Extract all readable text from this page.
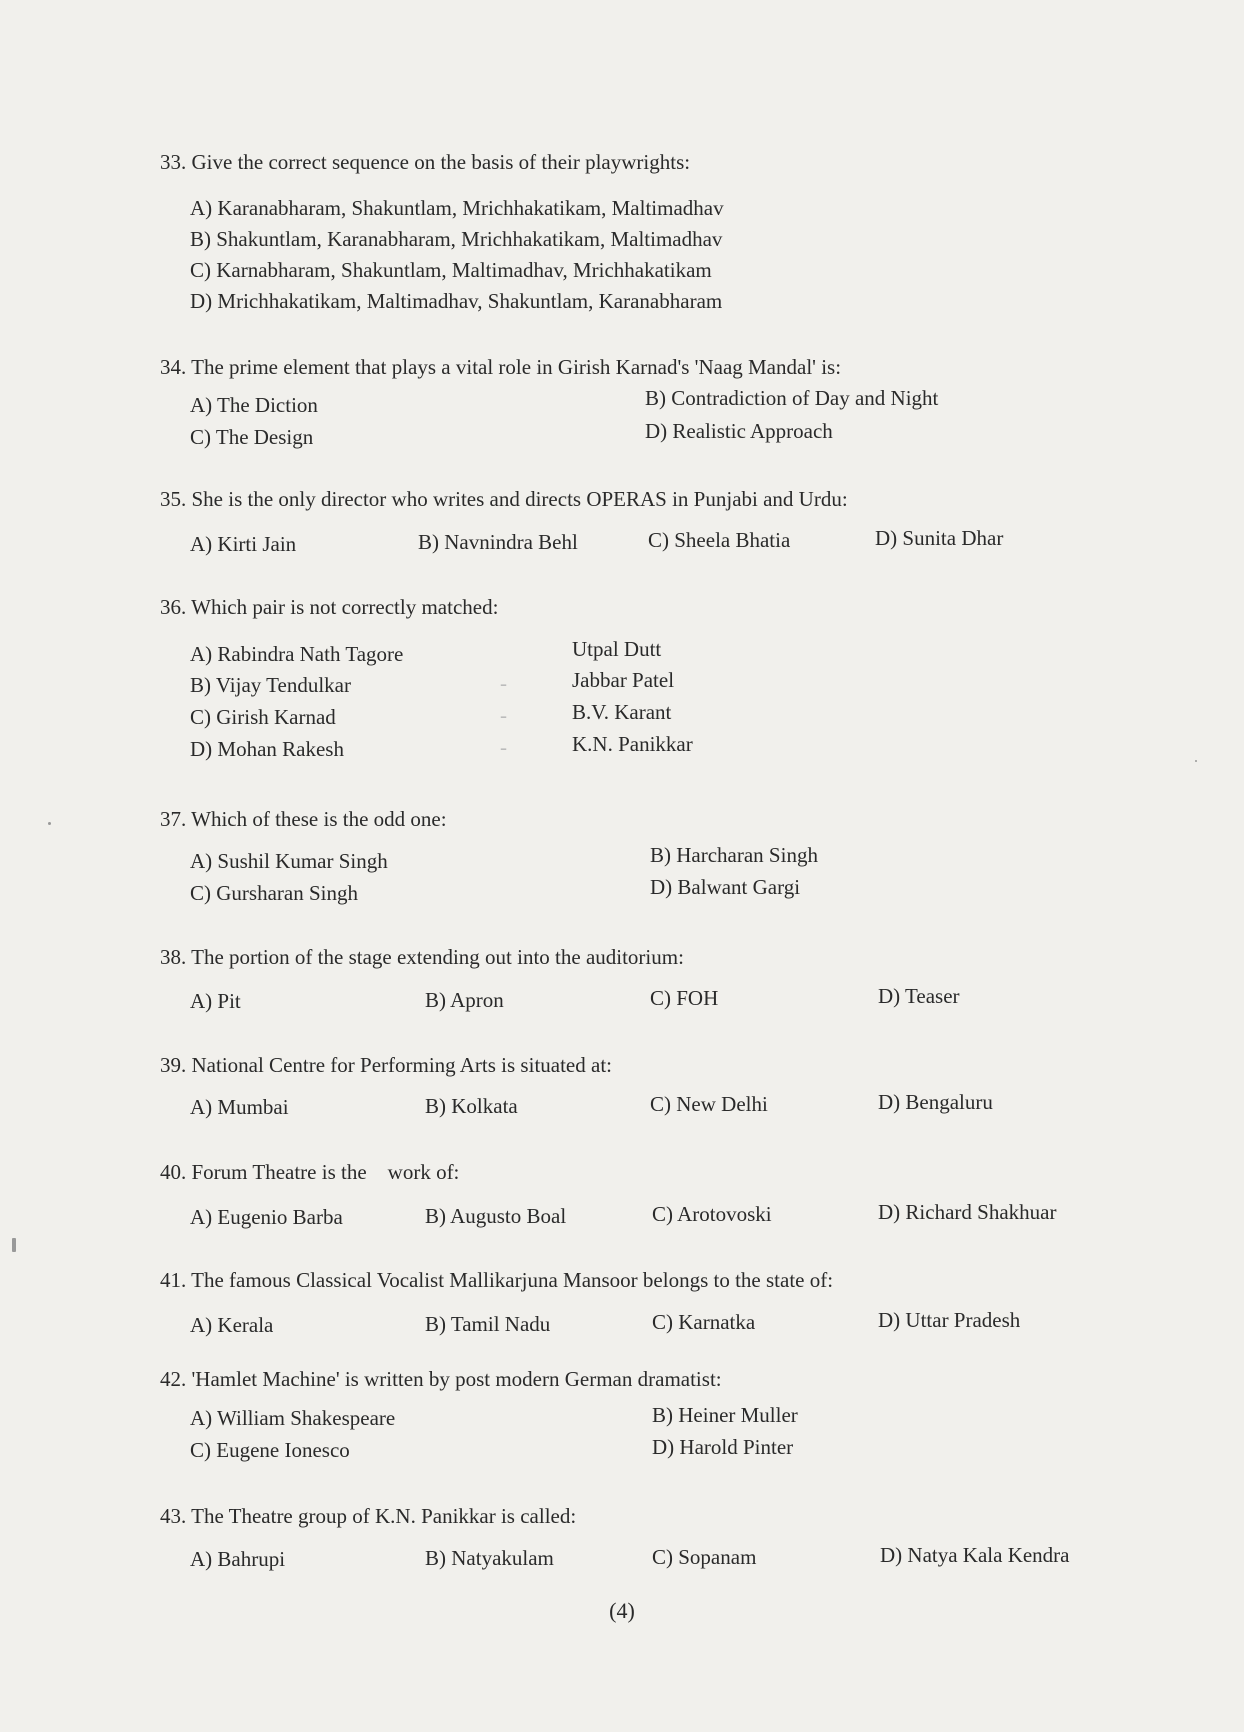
33. Give the correct sequence on the basis of their playwrights:
A) Karanabharam, Shakuntlam, Mrichhakatikam, Maltimadhav
B) Shakuntlam, Karanabharam, Mrichhakatikam, Maltimadhav
C) Karnabharam, Shakuntlam, Maltimadhav, Mrichhakatikam
D) Mrichhakatikam, Maltimadhav, Shakuntlam, Karanabharam
34. The prime element that plays a vital role in Girish Karnad's 'Naag Mandal' is:
A) The Diction	B) Contradiction of Day and Night
C) The Design	D) Realistic Approach
35. She is the only director who writes and directs OPERAS in Punjabi and Urdu:
A) Kirti Jain	B) Navnindra Behl	C) Sheela Bhatia	D) Sunita Dhar
36. Which pair is not correctly matched:
A) Rabindra Nath Tagore	Utpal Dutt
B) Vijay Tendulkar	-	Jabbar Patel
C) Girish Karnad	-	B.V. Karant
D) Mohan Rakesh	-	K.N. Panikkar
37. Which of these is the odd one:
A) Sushil Kumar Singh	B) Harcharan Singh
C) Gursharan Singh	D) Balwant Gargi
38. The portion of the stage extending out into the auditorium:
A) Pit	B) Apron	C) FOH	D) Teaser
39. National Centre for Performing Arts is situated at:
A) Mumbai	B) Kolkata	C) New Delhi	D) Bengaluru
40. Forum Theatre is the    work of:
A) Eugenio Barba	B) Augusto Boal	C) Arotovoski	D) Richard Shakhuar
41. The famous Classical Vocalist Mallikarjuna Mansoor belongs to the state of:
A) Kerala	B) Tamil Nadu	C) Karnatka	D) Uttar Pradesh
42. 'Hamlet Machine' is written by post modern German dramatist:
A) William Shakespeare	B) Heiner Muller
C) Eugene Ionesco	D) Harold Pinter
43. The Theatre group of K.N. Panikkar is called:
A) Bahrupi	B) Natyakulam	C) Sopanam	D) Natya Kala Kendra
(4)
